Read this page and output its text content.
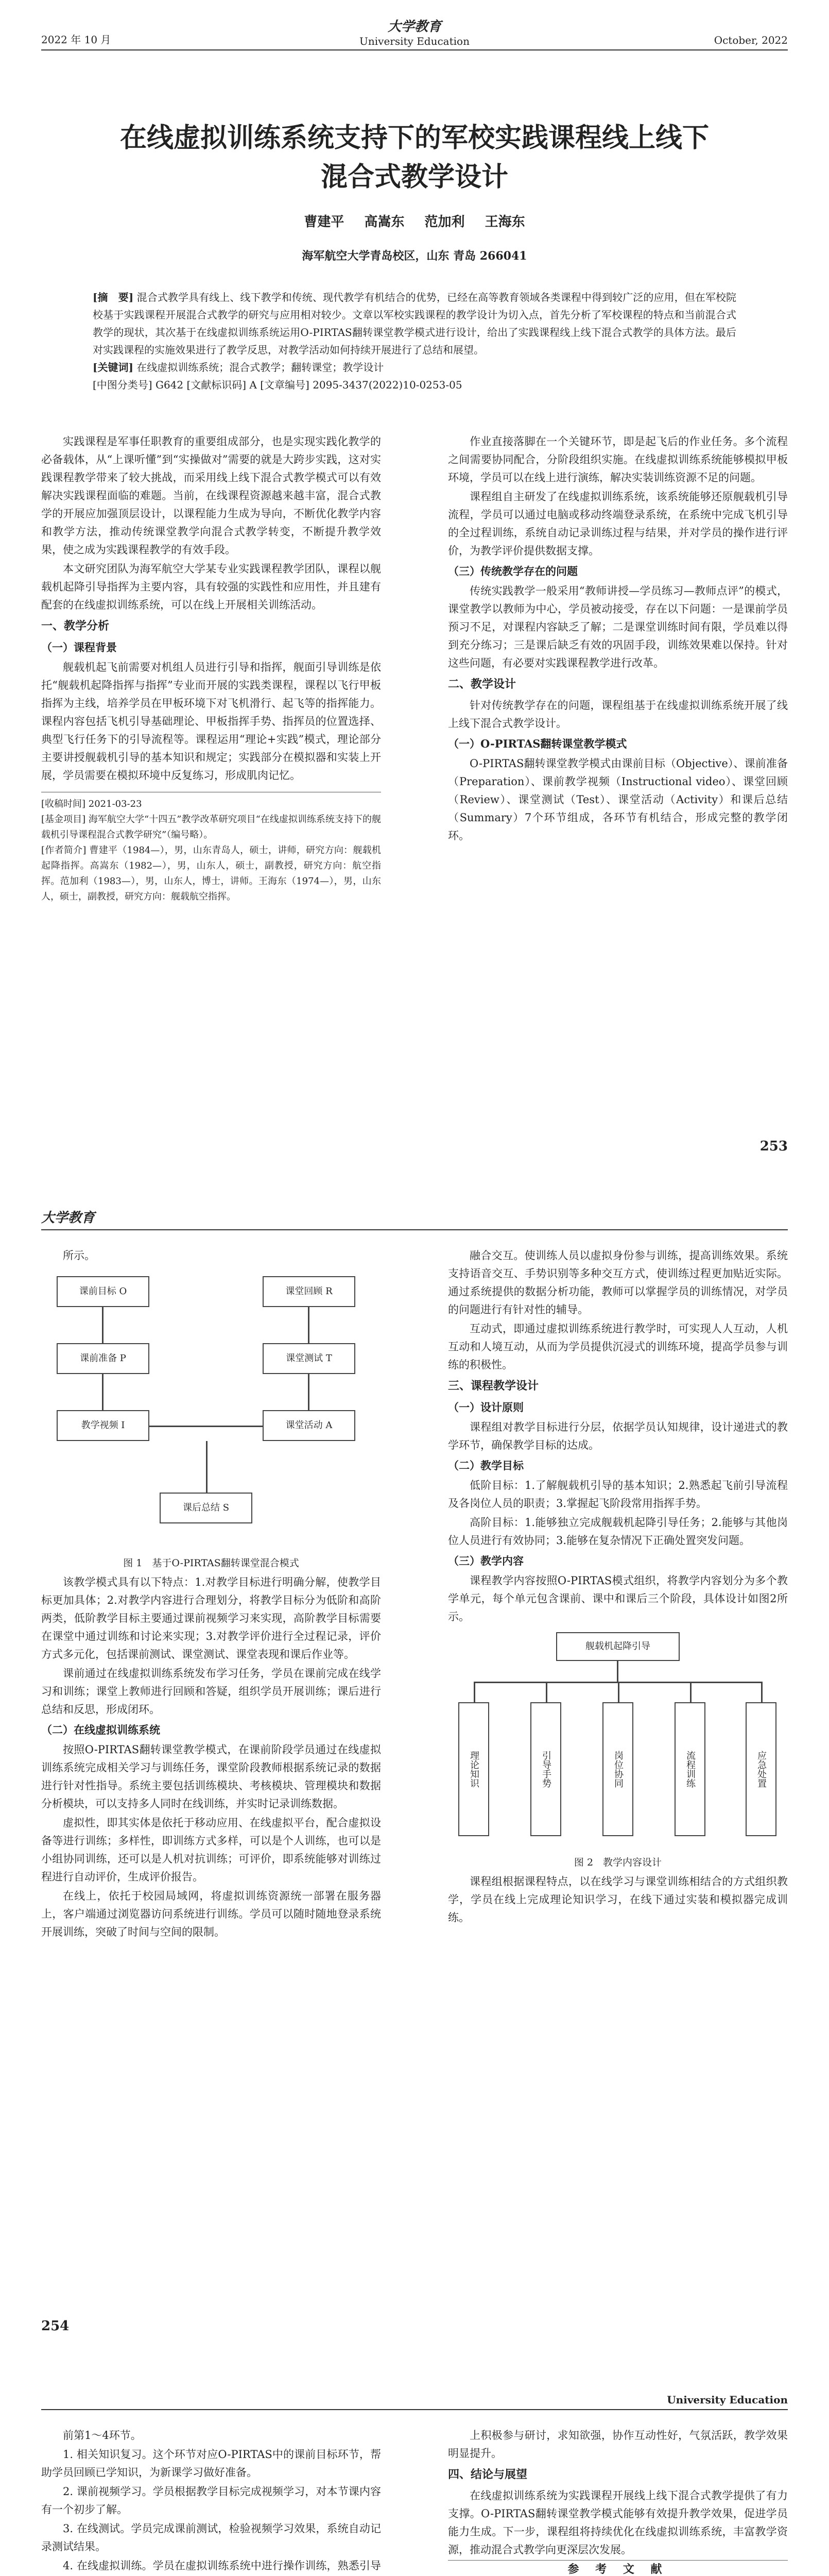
2022 年 10 月
大学教育
University Education	October, 2022
在线虚拟训练系统支持下的军校实践课程线上线下
混合式教学设计
曹建平 高嵩东 范加利 王海东
海军航空大学青岛校区，山东 青岛 266041

[摘　要] 混合式教学具有线上、线下教学和传统、现代教学有机结合的优势，已经在高等教育领域各类课程中得到较广泛的应用，但在军校院校基于实践课程开展混合式教学的研究与应用相对较少。文章以军校实践课程的教学设计为切入点，首先分析了军校课程的特点和当前混合式教学的现状，其次基于在线虚拟训练系统运用O-PIRTAS翻转课堂教学模式进行设计，给出了实践课程线上线下混合式教学的具体方法。最后对实践课程的实施效果进行了教学反思，对教学活动如何持续开展进行了总结和展望。

[关键词] 在线虚拟训练系统；混合式教学；翻转课堂；教学设计

[中图分类号] G642 [文献标识码] A [文章编号] 2095-3437(2022)10-0253-05

实践课程是军事任职教育的重要组成部分，也是实现实践化教学的必备载体，从“上课听懂”到“实操做对”需要的就是大跨步实践，这对实践课程教学带来了较大挑战，而采用线上线下混合式教学模式可以有效解决实践课程面临的难题。当前，在线课程资源越来越丰富，混合式教学的开展应加强顶层设计，以课程能力生成为导向，不断优化教学内容和教学方法，推动传统课堂教学向混合式教学转变，不断提升教学效果，使之成为实践课程教学的有效手段。

本文研究团队为海军航空大学某专业实践课程教学团队，课程以舰载机起降引导指挥为主要内容，具有较强的实践性和应用性，并且建有配套的在线虚拟训练系统，可以在线上开展相关训练活动。

一、教学分析
（一）课程背景

舰载机起飞前需要对机组人员进行引导和指挥，舰面引导训练是依托“舰载机起降指挥与指挥”专业而开展的实践类课程，课程以飞行甲板指挥为主线，培养学员在甲板环境下对飞机滑行、起飞等的指挥能力。课程内容包括飞机引导基础理论、甲板指挥手势、指挥员的位置选择、典型飞行任务下的引导流程等。课程运用“理论+实践”模式，理论部分主要讲授舰载机引导的基本知识和规定；实践部分在模拟器和实装上开展，学员需要在模拟环境中反复练习，形成肌肉记忆。

[收稿时间] 2021-03-23

[基金项目] 海军航空大学“十四五”教学改革研究项目“在线虚拟训练系统支持下的舰载机引导课程混合式教学研究”（编号略）。

[作者简介] 曹建平（1984—），男，山东青岛人，硕士，讲师，研究方向：舰载机起降指挥。高嵩东（1982—），男，山东人，硕士，副教授，研究方向：航空指挥。范加利（1983—），男，山东人，博士，讲师。王海东（1974—），男，山东人，硕士，副教授，研究方向：舰载航空指挥。

作业直接落脚在一个关键环节，即是起飞后的作业任务。多个流程之间需要协同配合，分阶段组织实施。在线虚拟训练系统能够模拟甲板环境，学员可以在线上进行演练，解决实装训练资源不足的问题。

课程组自主研发了在线虚拟训练系统，该系统能够还原舰载机引导流程，学员可以通过电脑或移动终端登录系统，在系统中完成飞机引导的全过程训练，系统自动记录训练过程与结果，并对学员的操作进行评价，为教学评价提供数据支撑。

（三）传统教学存在的问题

传统实践教学一般采用“教师讲授—学员练习—教师点评”的模式，课堂教学以教师为中心，学员被动接受，存在以下问题：一是课前学员预习不足，对课程内容缺乏了解；二是课堂训练时间有限，学员难以得到充分练习；三是课后缺乏有效的巩固手段，训练效果难以保持。针对这些问题，有必要对实践课程教学进行改革。

二、教学设计

针对传统教学存在的问题，课程组基于在线虚拟训练系统开展了线上线下混合式教学设计。

（一）O-PIRTAS翻转课堂教学模式

O-PIRTAS翻转课堂教学模式由课前目标（Objective）、课前准备（Preparation）、课前教学视频（Instructional video）、课堂回顾（Review）、课堂测试（Test）、课堂活动（Activity）和课后总结（Summary）7个环节组成，各环节有机结合，形成完整的教学闭环。

253
大学教育

所示。

课前目标 O
课前准备 P
教学视频 I
课堂回顾 R
课堂测试 T
课堂活动 A
课后总结 S

图 1　基于O-PIRTAS翻转课堂混合模式

该教学模式具有以下特点：1.对教学目标进行明确分解，使教学目标更加具体；2.对教学内容进行合理划分，将教学目标分为低阶和高阶两类，低阶教学目标主要通过课前视频学习来实现，高阶教学目标需要在课堂中通过训练和讨论来实现；3.对教学评价进行全过程记录，评价方式多元化，包括课前测试、课堂测试、课堂表现和课后作业等。

课前通过在线虚拟训练系统发布学习任务，学员在课前完成在线学习和训练；课堂上教师进行回顾和答疑，组织学员开展训练；课后进行总结和反思，形成闭环。

（二）在线虚拟训练系统

按照O-PIRTAS翻转课堂教学模式，在课前阶段学员通过在线虚拟训练系统完成相关学习与训练任务，课堂阶段教师根据系统记录的数据进行针对性指导。系统主要包括训练模块、考核模块、管理模块和数据分析模块，可以支持多人同时在线训练，并实时记录训练数据。

虚拟性，即其实体是依托于移动应用、在线虚拟平台，配合虚拟设备等进行训练；多样性，即训练方式多样，可以是个人训练，也可以是小组协同训练，还可以是人机对抗训练；可评价，即系统能够对训练过程进行自动评价，生成评价报告。

在线上，依托于校园局域网，将虚拟训练资源统一部署在服务器上，客户端通过浏览器访问系统进行训练。学员可以随时随地登录系统开展训练，突破了时间与空间的限制。

融合交互。使训练人员以虚拟身份参与训练，提高训练效果。系统支持语音交互、手势识别等多种交互方式，使训练过程更加贴近实际。通过系统提供的数据分析功能，教师可以掌握学员的训练情况，对学员的问题进行有针对性的辅导。

互动式，即通过虚拟训练系统进行教学时，可实现人人互动，人机互动和人境互动，从而为学员提供沉浸式的训练环境，提高学员参与训练的积极性。

三、课程教学设计
（一）设计原则

课程组对教学目标进行分层，依据学员认知规律，设计递进式的教学环节，确保教学目标的达成。

（二）教学目标

低阶目标：1.了解舰载机引导的基本知识；2.熟悉起飞前引导流程及各岗位人员的职责；3.掌握起飞阶段常用指挥手势。

高阶目标：1.能够独立完成舰载机起降引导任务；2.能够与其他岗位人员进行有效协同；3.能够在复杂情况下正确处置突发问题。

（三）教学内容

课程教学内容按照O-PIRTAS模式组织，将教学内容划分为多个教学单元，每个单元包含课前、课中和课后三个阶段，具体设计如图2所示。

舰载机起降引导
理论知识	引导手势	岗位协同	流程训练	应急处置

图 2　教学内容设计

课程组根据课程特点，以在线学习与课堂训练相结合的方式组织教学，学员在线上完成理论知识学习，在线下通过实装和模拟器完成训练。

254
University Education

前第1～4环节。

1. 相关知识复习。这个环节对应O-PIRTAS中的课前目标环节，帮助学员回顾已学知识，为新课学习做好准备。

2. 课前视频学习。学员根据教学目标完成视频学习，对本节课内容有一个初步了解。

3. 在线测试。学员完成课前测试，检验视频学习效果，系统自动记录测试结果。

4. 在线虚拟训练。学员在虚拟训练系统中进行操作训练，熟悉引导

上积极参与研讨，求知欲强，协作互动性好，气氛活跃，教学效果明显提升。

四、结论与展望

在线虚拟训练系统为实践课程开展线上线下混合式教学提供了有力支撑。O-PIRTAS翻转课堂教学模式能够有效提升教学效果，促进学员能力生成。下一步，课程组将持续优化在线虚拟训练系统，丰富教学资源，推动混合式教学向更深层次发展。

参 考 文 献
